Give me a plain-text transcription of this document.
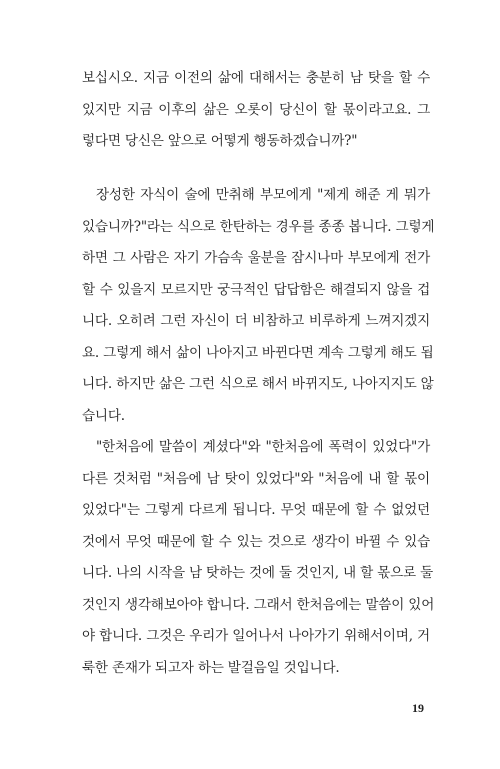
보십시오. 지금 이전의 삶에 대해서는 충분히 남 탓을 할 수
있지만 지금 이후의 삶은 오롯이 당신이 할 몫이라고요. 그
렇다면 당신은 앞으로 어떻게 행동하겠습니까?"
장성한 자식이 술에 만취해 부모에게 "제게 해준 게 뭐가
있습니까?"라는 식으로 한탄하는 경우를 종종 봅니다. 그렇게
하면 그 사람은 자기 가슴속 울분을 잠시나마 부모에게 전가
할 수 있을지 모르지만 궁극적인 답답함은 해결되지 않을 겁
니다. 오히려 그런 자신이 더 비참하고 비루하게 느껴지겠지
요. 그렇게 해서 삶이 나아지고 바뀐다면 계속 그렇게 해도 됩
니다. 하지만 삶은 그런 식으로 해서 바뀌지도, 나아지지도 않
습니다.
"한처음에 말씀이 계셨다"와 "한처음에 폭력이 있었다"가
다른 것처럼 "처음에 남 탓이 있었다"와 "처음에 내 할 몫이
있었다"는 그렇게 다르게 됩니다. 무엇 때문에 할 수 없었던
것에서 무엇 때문에 할 수 있는 것으로 생각이 바뀔 수 있습
니다. 나의 시작을 남 탓하는 것에 둘 것인지, 내 할 몫으로 둘
것인지 생각해보아야 합니다. 그래서 한처음에는 말씀이 있어
야 합니다. 그것은 우리가 일어나서 나아가기 위해서이며, 거
룩한 존재가 되고자 하는 발걸음일 것입니다.
19
